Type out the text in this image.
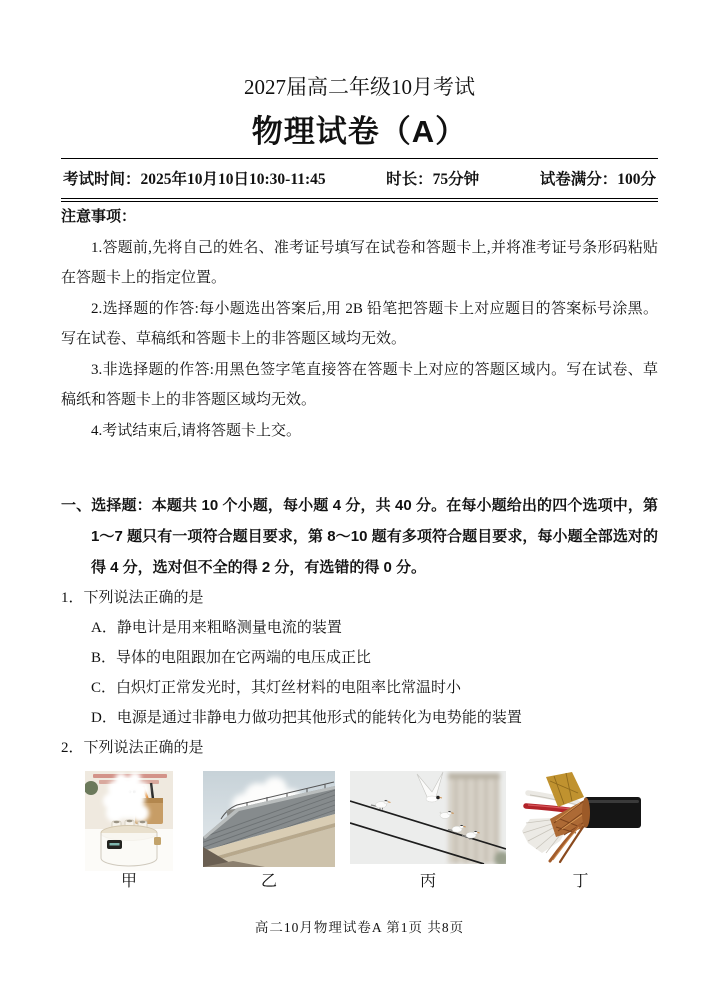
2027届高二年级10月考试
物理试卷（A）
考试时间：2025年10月10日10:30-11:45	时长：75分钟	试卷满分：100分

注意事项：

1.答题前,先将自己的姓名、准考证号填写在试卷和答题卡上,并将准考证号条形码粘贴在答题卡上的指定位置。

2.选择题的作答:每小题选出答案后,用 2B 铅笔把答题卡上对应题目的答案标号涂黑。写在试卷、草稿纸和答题卡上的非答题区域均无效。

3.非选择题的作答:用黑色签字笔直接答在答题卡上对应的答题区域内。写在试卷、草稿纸和答题卡上的非答题区域均无效。

4.考试结束后,请将答题卡上交。

一、选择题：本题共 10 个小题，每小题 4 分，共 40 分。在每小题给出的四个选项中，第 1～7 题只有一项符合题目要求，第 8～10 题有多项符合题目要求，每小题全部选对的得 4 分，选对但不全的得 2 分，有选错的得 0 分。

1．下列说法正确的是

A．静电计是用来粗略测量电流的装置

B．导体的电阻跟加在它两端的电压成正比

C．白炽灯正常发光时，其灯丝材料的电阻率比常温时小

D．电源是通过非静电力做功把其他形式的能转化为电势能的装置

2．下列说法正确的是

甲	乙	丙	丁
高二10月物理试卷A 第1页 共8页
